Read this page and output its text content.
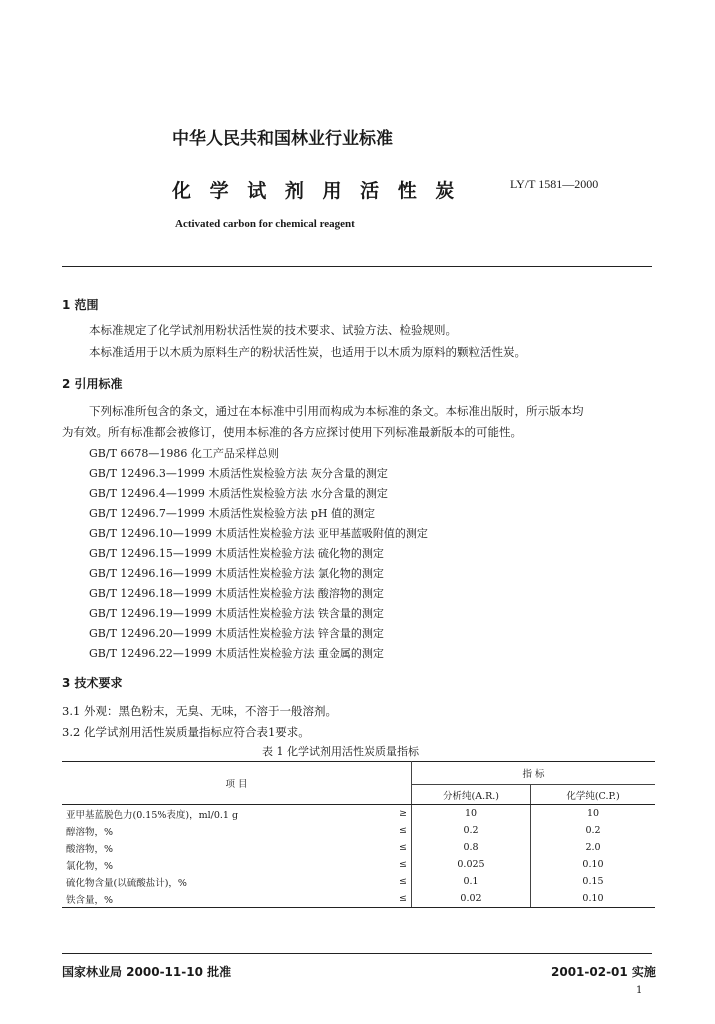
中华人民共和国林业行业标准
化 学 试 剂 用 活 性 炭	LY/T 1581—2000
Activated carbon for chemical reagent
1 范围
本标准规定了化学试剂用粉状活性炭的技术要求、试验方法、检验规则。
本标准适用于以木质为原料生产的粉状活性炭，也适用于以木质为原料的颗粒活性炭。
2 引用标准
下列标准所包含的条文，通过在本标准中引用而构成为本标准的条文。本标准出版时，所示版本均
为有效。所有标准都会被修订，使用本标准的各方应探讨使用下列标准最新版本的可能性。
GB/T 6678—1986 化工产品采样总则
GB/T 12496.3—1999 木质活性炭检验方法 灰分含量的测定
GB/T 12496.4—1999 木质活性炭检验方法 水分含量的测定
GB/T 12496.7—1999 木质活性炭检验方法 pH 值的测定
GB/T 12496.10—1999 木质活性炭检验方法 亚甲基蓝吸附值的测定
GB/T 12496.15—1999 木质活性炭检验方法 硫化物的测定
GB/T 12496.16—1999 木质活性炭检验方法 氯化物的测定
GB/T 12496.18—1999 木质活性炭检验方法 酸溶物的测定
GB/T 12496.19—1999 木质活性炭检验方法 铁含量的测定
GB/T 12496.20—1999 木质活性炭检验方法 锌含量的测定
GB/T 12496.22—1999 木质活性炭检验方法 重金属的测定
3 技术要求
3.1 外观：黑色粉末，无臭、无味，不溶于一般溶剂。
3.2 化学试剂用活性炭质量指标应符合表1要求。
表 1 化学试剂用活性炭质量指标
项 目		指 标	
		分析纯(A.R.)	化学纯(C.P.)
亚甲基蓝脱色力(0.15%表度)，ml/0.1 g	≥	10	10
醇溶物，%	≤	0.2	0.2
酸溶物，%	≤	0.8	2.0
氯化物，%	≤	0.025	0.10
硫化物含量(以硫酸盐计)，%	≤	0.1	0.15
铁含量，%	≤	0.02	0.10
国家林业局 2000-11-10 批准	2001-02-01 实施
1
